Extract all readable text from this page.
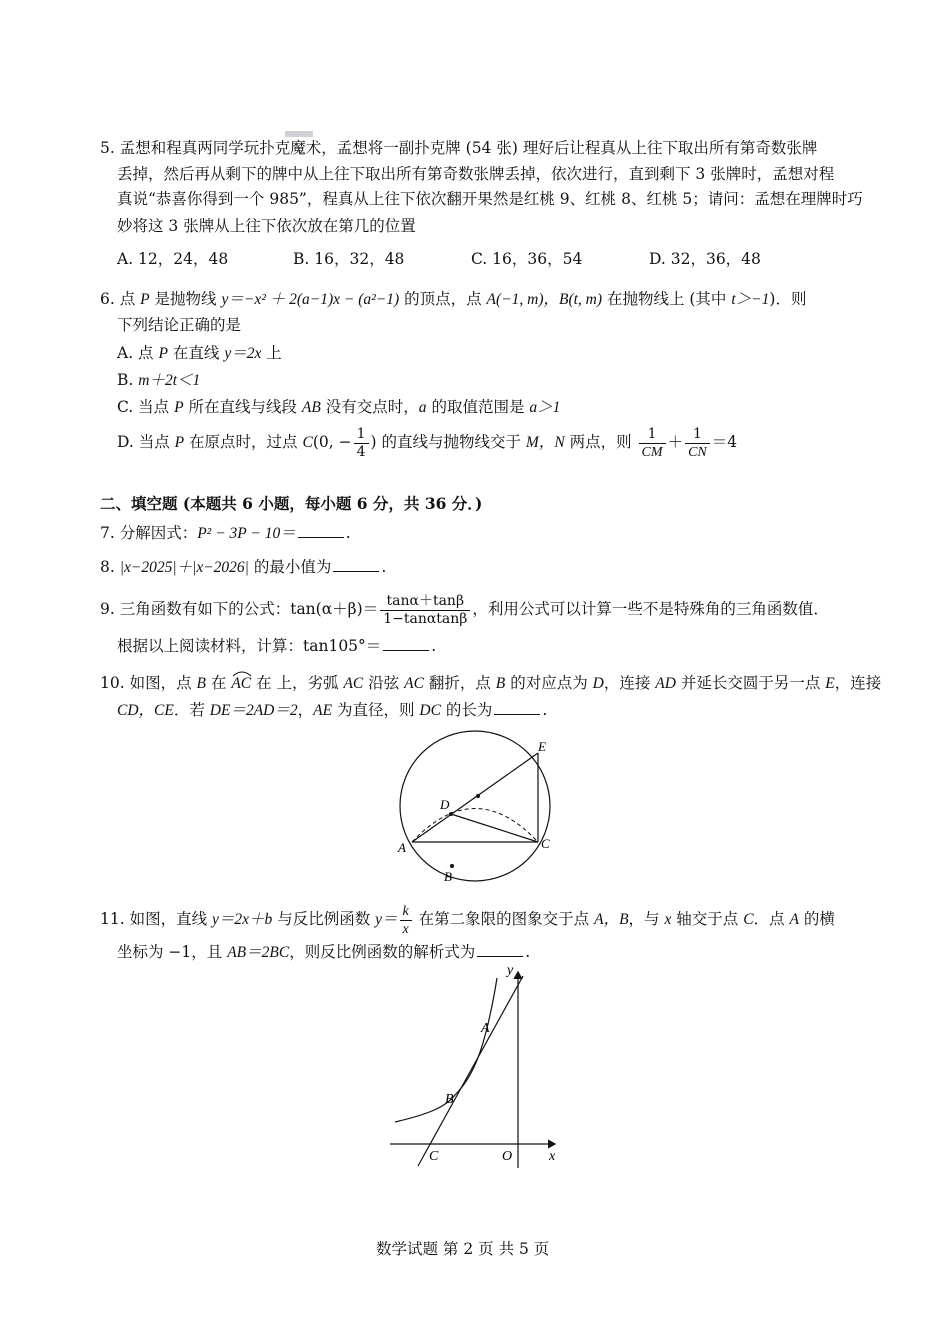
5. 孟想和程真两同学玩扑克魔术，孟想将一副扑克牌 (54 张) 理好后让程真从上往下取出所有第奇数张牌
丢掉，然后再从剩下的牌中从上往下取出所有第奇数张牌丢掉，依次进行，直到剩下 3 张牌时，孟想对程
真说“恭喜你得到一个 985”，程真从上往下依次翻开果然是红桃 9、红桃 8、红桃 5；请问：孟想在理牌时巧
妙将这 3 张牌从上往下依次放在第几的位置
A. 12，24，48	B. 16，32，48	C. 16，36，54	D. 32，36，48
6. 点 P 是抛物线 y＝−x² ＋ 2(a−1)x − (a²−1) 的顶点，点 A(−1, m)，B(t, m) 在抛物线上 (其中 t＞−1)．则
下列结论正确的是
A. 点 P 在直线 y＝2x 上
B. m＋2t＜1
C. 当点 P 所在直线与线段 AB 没有交点时，a 的取值范围是 a＞1
D. 当点 P 在原点时，过点 C(0, − $\frac{1}{4}$ ) 的直线与抛物线交于 M，N 两点，则 $\frac{1}{CM} + \frac{1}{CN} =4$
二、填空题 (本题共 6 小题，每小题 6 分，共 36 分．)
7. 分解因式：P² − 3P − 10＝	.
8. |x−2025|＋|x−2026| 的最小值为	.
9. 三角函数有如下的公式：$\tan(\alpha+\beta)= \frac{\tan\alpha+\tan\beta}{1-\tan\alpha\tan\beta}$ ，利用公式可以计算一些不是特殊角的三角函数值．
根据以上阅读材料，计算：tan105°＝	.
10. 如图，点 B 在 AC
在 上，劣弧 AC 沿弦 AC 翻折，点 B 的对应点为 D，连接 AD 并延长交圆于另一点 E，连接
CD，CE．若 DE＝2AD＝2，AE 为直径，则 DC 的长为	.
E
D
A	C
B
11. 如图，直线 y＝2x＋b 与反比例函数 $y= \frac{k}{x}$ 在第二象限的图象交于点 A，B，与 x 轴交于点 C．点 A 的横
坐标为 −1，且 AB＝2BC，则反比例函数的解析式为	.
y
A
B
C	O	x
数学试题 第 2 页 共 5 页
